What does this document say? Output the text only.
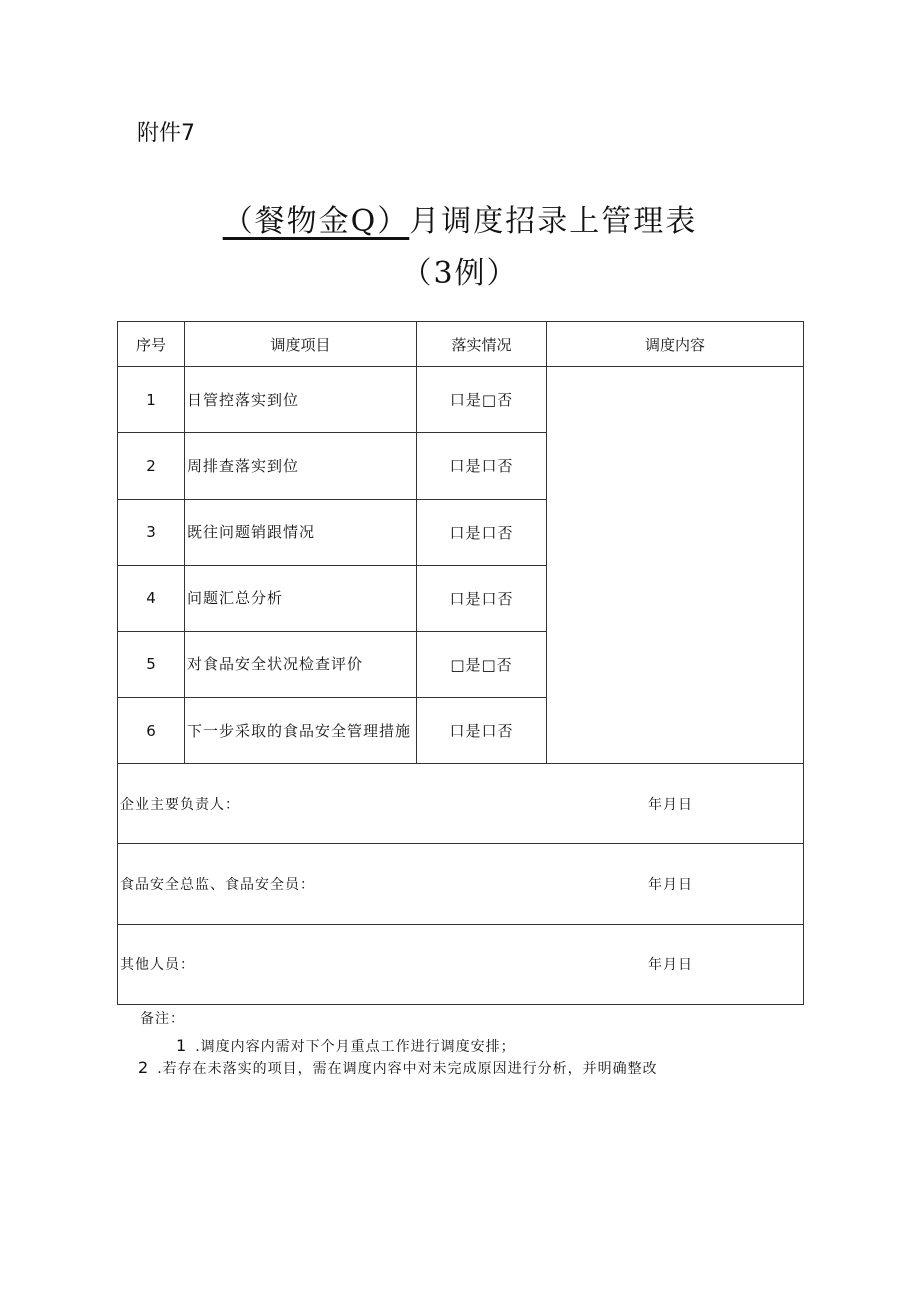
附件7
（餐物金Q）月调度招录上管理表
（3例）
序号	调度项目	落实情况	调度内容
1	日管控落实到位	口是□否	
2	周排查落实到位	口是口否	
3	既往问题销跟情况	口是口否	
4	问题汇总分析	口是口否	
5	对食品安全状况检查评价	□是□否	
6	下一步采取的食品安全管理措施	口是口否	

企业主要负责人： 年月日			

食品安全总监、食品安全员： 年月日			

其他人员： 年月日			
备注：
1 .调度内容内需对下个月重点工作进行调度安排；
2 .若存在未落实的项目，需在调度内容中对未完成原因进行分析，并明确整改
